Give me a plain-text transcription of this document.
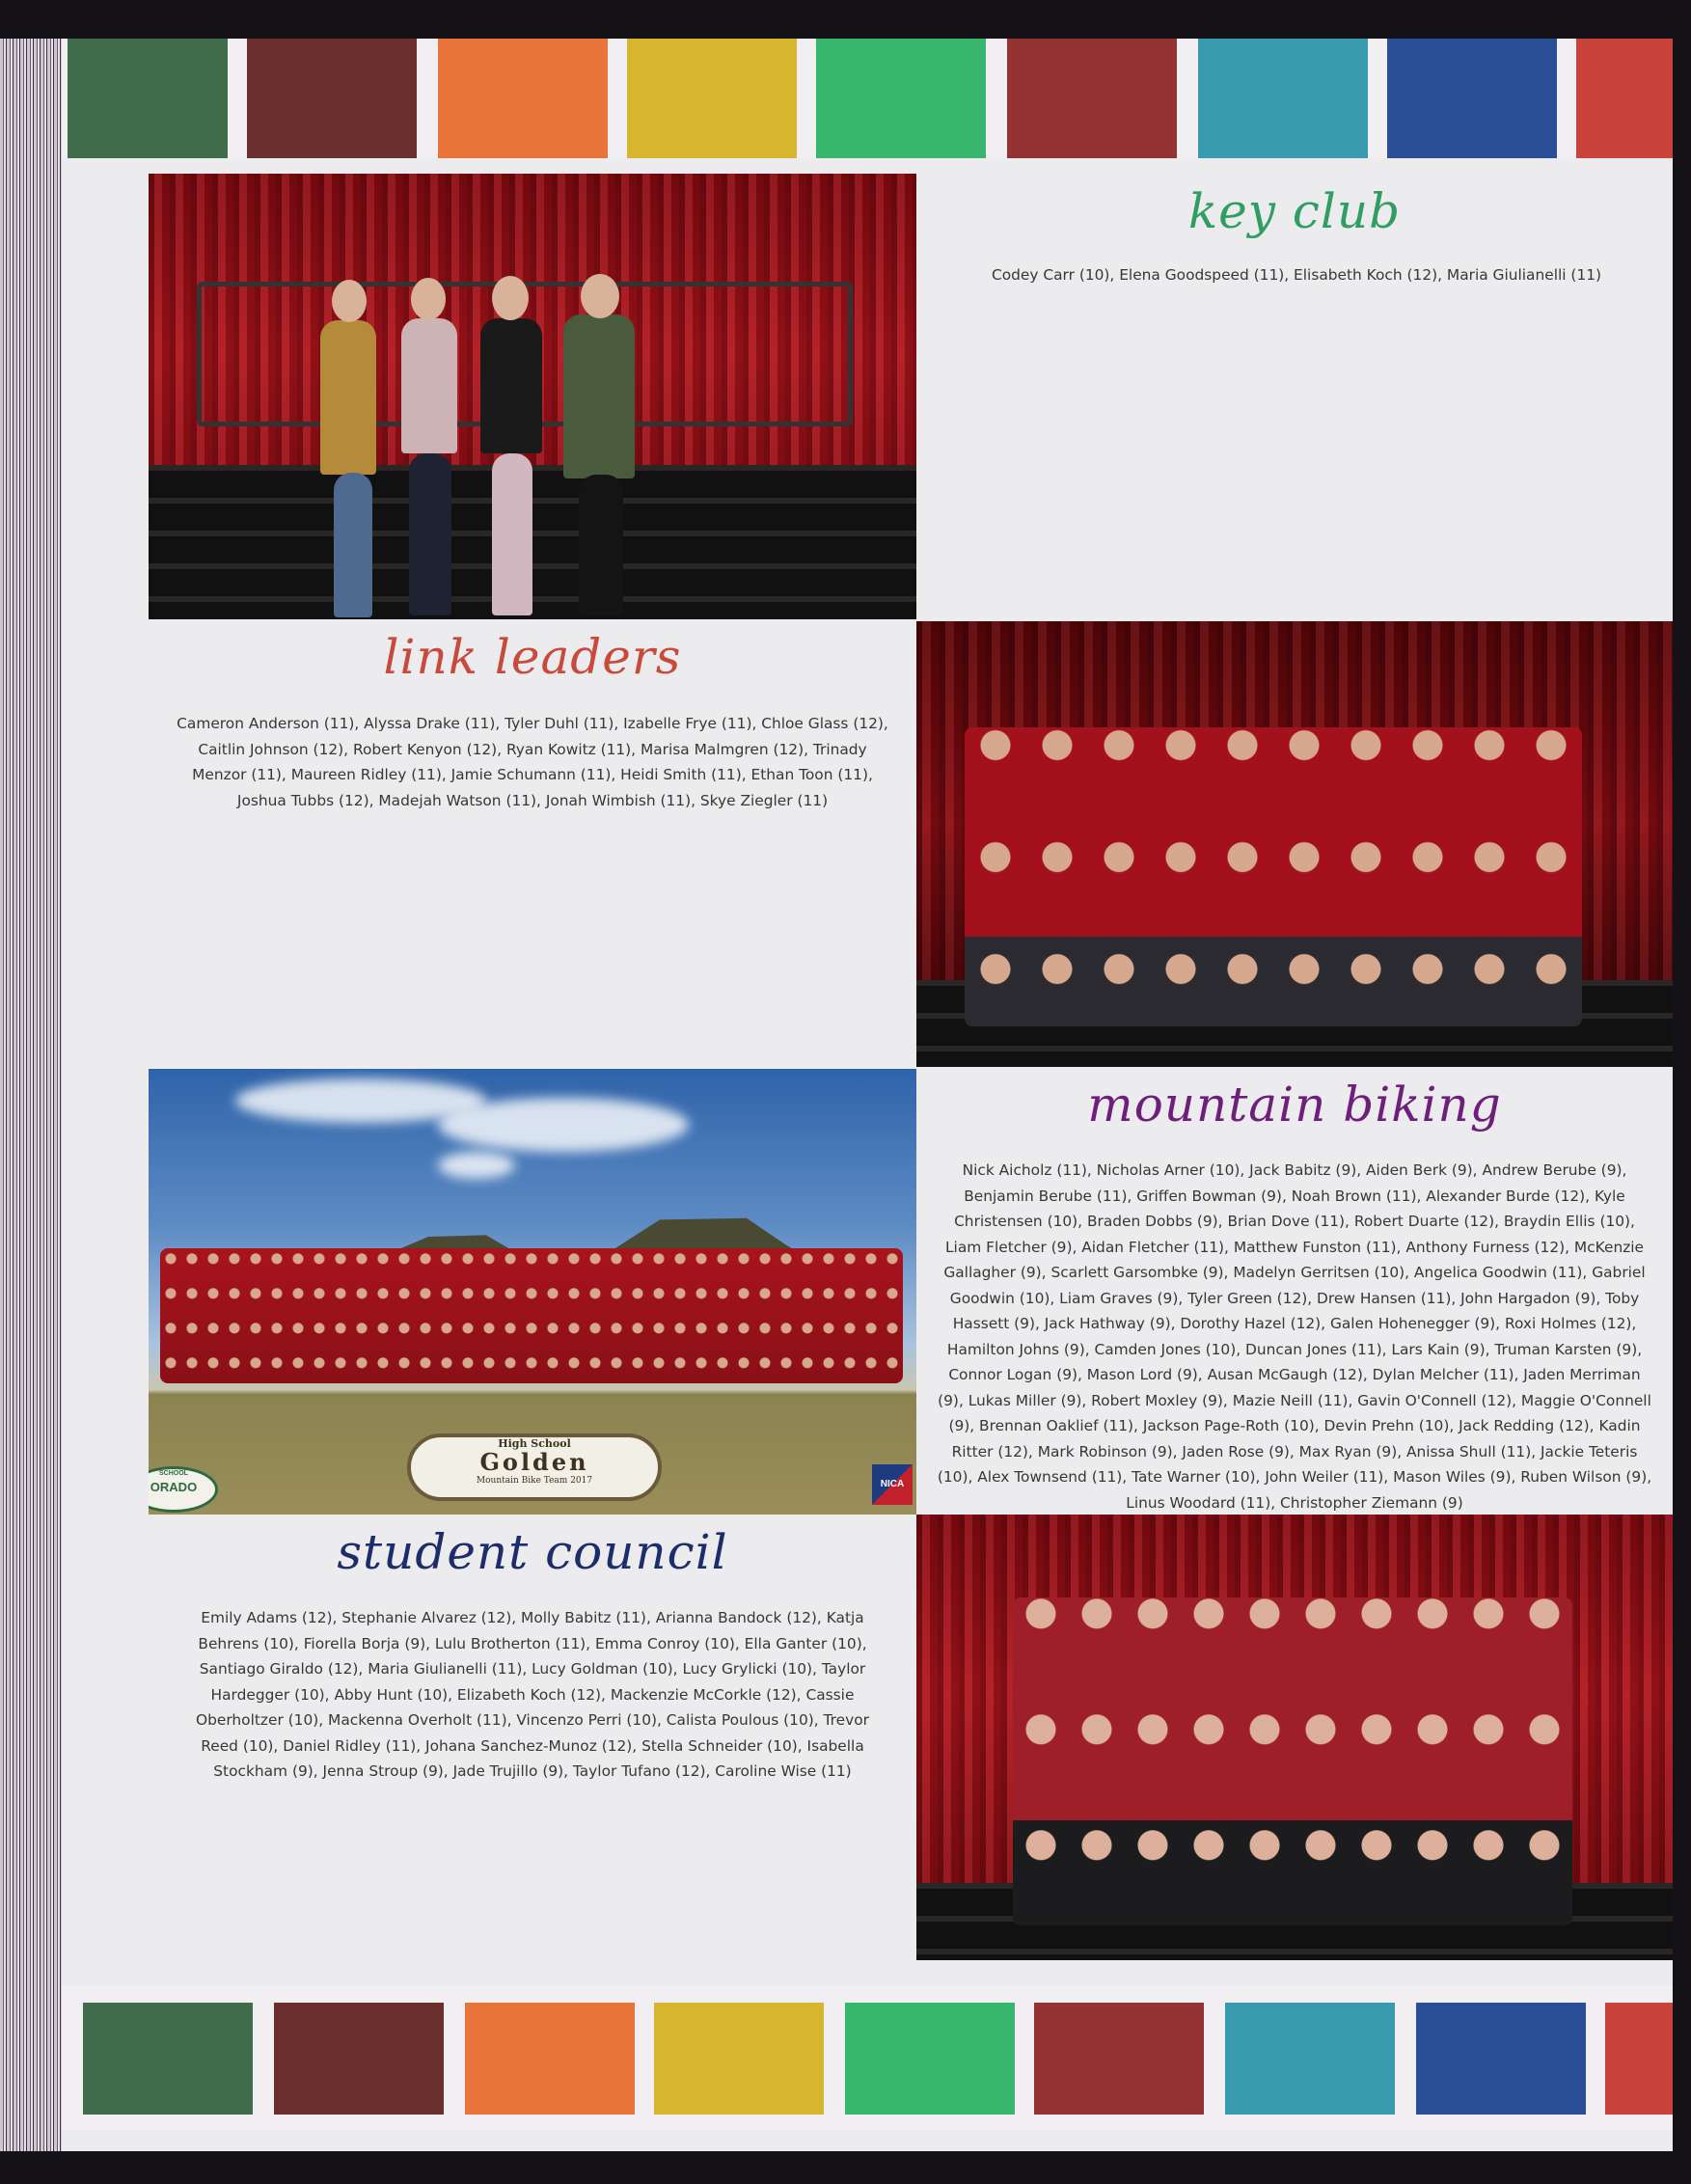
key club
Codey Carr (10), Elena Goodspeed (11), Elisabeth Koch (12), Maria Giulianelli (11)
link leaders
Cameron Anderson (11), Alyssa Drake (11), Tyler Duhl (11), Izabelle Frye (11), Chloe Glass (12), Caitlin Johnson (12), Robert Kenyon (12), Ryan Kowitz (11), Marisa Malmgren (12), Trinady Menzor (11), Maureen Ridley (11), Jamie Schumann (11), Heidi Smith (11), Ethan Toon (11), Joshua Tubbs (12), Madejah Watson (11), Jonah Wimbish (11), Skye Ziegler (11)
High School
Golden
Mountain Bike Team 2017
SCHOOL
ORADO	NICA
mountain biking
Nick Aicholz (11), Nicholas Arner (10), Jack Babitz (9), Aiden Berk (9), Andrew Berube (9), Benjamin Berube (11), Griffen Bowman (9), Noah Brown (11), Alexander Burde (12), Kyle Christensen (10), Braden Dobbs (9), Brian Dove (11), Robert Duarte (12), Braydin Ellis (10), Liam Fletcher (9), Aidan Fletcher (11), Matthew Funston (11), Anthony Furness (12), McKenzie Gallagher (9), Scarlett Garsombke (9), Madelyn Gerritsen (10), Angelica Goodwin (11), Gabriel Goodwin (10), Liam Graves (9), Tyler Green (12), Drew Hansen (11), John Hargadon (9), Toby Hassett (9), Jack Hathway (9), Dorothy Hazel (12), Galen Hohenegger (9), Roxi Holmes (12), Hamilton Johns (9), Camden Jones (10), Duncan Jones (11), Lars Kain (9), Truman Karsten (9), Connor Logan (9), Mason Lord (9), Ausan McGaugh (12), Dylan Melcher (11), Jaden Merriman (9), Lukas Miller (9), Robert Moxley (9), Mazie Neill (11), Gavin O'Connell (12), Maggie O'Connell (9), Brennan Oaklief (11), Jackson Page-Roth (10), Devin Prehn (10), Jack Redding (12), Kadin Ritter (12), Mark Robinson (9), Jaden Rose (9), Max Ryan (9), Anissa Shull (11), Jackie Teteris (10), Alex Townsend (11), Tate Warner (10), John Weiler (11), Mason Wiles (9), Ruben Wilson (9), Linus Woodard (11), Christopher Ziemann (9)
student council
Emily Adams (12), Stephanie Alvarez (12), Molly Babitz (11), Arianna Bandock (12), Katja Behrens (10), Fiorella Borja (9), Lulu Brotherton (11), Emma Conroy (10), Ella Ganter (10), Santiago Giraldo (12), Maria Giulianelli (11), Lucy Goldman (10), Lucy Grylicki (10), Taylor Hardegger (10), Abby Hunt (10), Elizabeth Koch (12), Mackenzie McCorkle (12), Cassie Oberholtzer (10), Mackenna Overholt (11), Vincenzo Perri (10), Calista Poulous (10), Trevor Reed (10), Daniel Ridley (11), Johana Sanchez-Munoz (12), Stella Schneider (10), Isabella Stockham (9), Jenna Stroup (9), Jade Trujillo (9), Taylor Tufano (12), Caroline Wise (11)
